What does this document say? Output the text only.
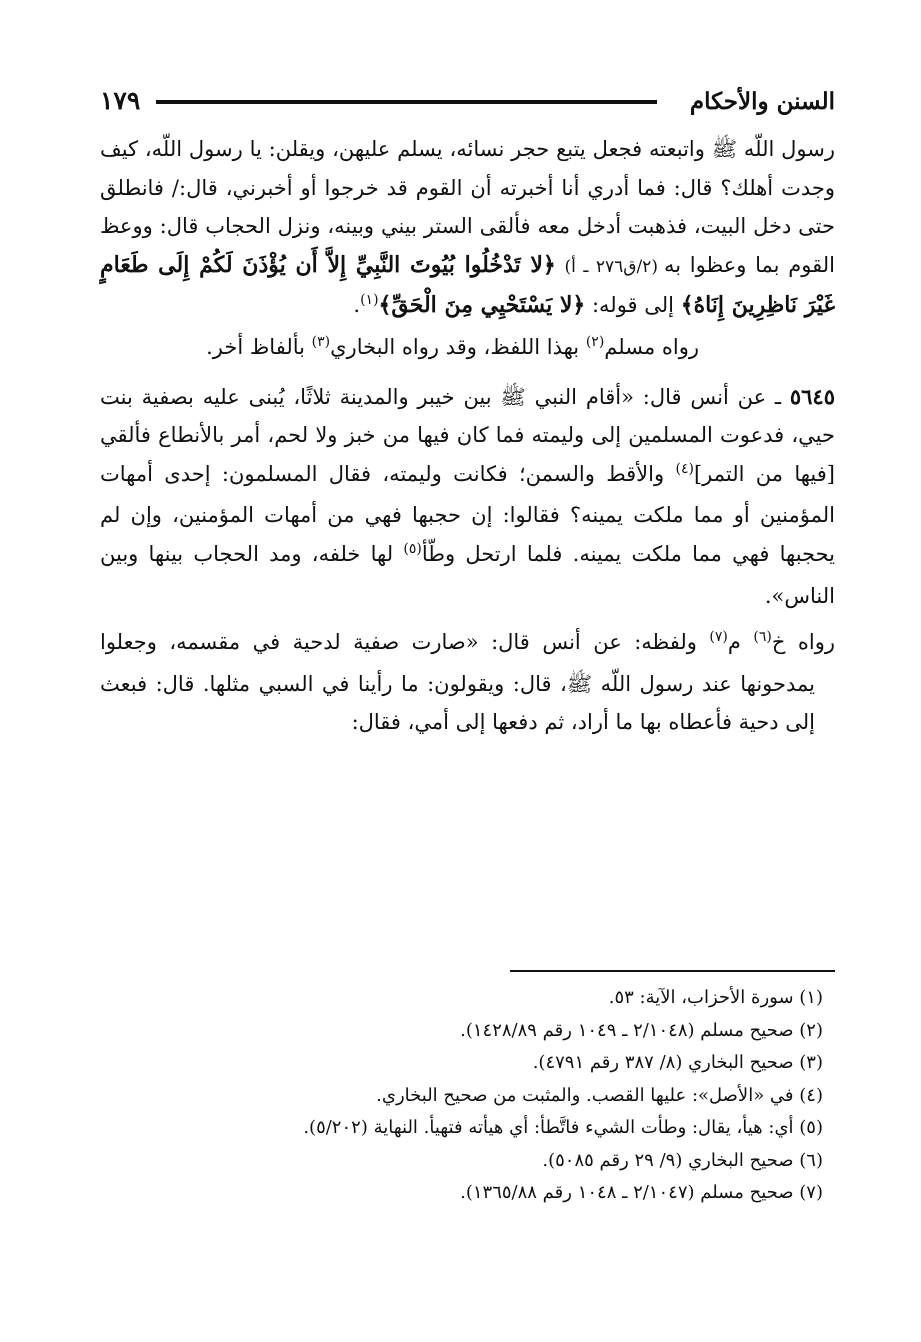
السنن والأحكام
١٧٩

رسول اللّه ﷺ واتبعته فجعل يتبع حجر نسائه، يسلم عليهن، ويقلن: يا رسول اللّه، كيف وجدت أهلك؟ قال: فما أدري أنا أخبرته أن القوم قد خرجوا أو أخبرني، قال:/ فانطلق حتى دخل البيت، فذهبت أدخل معه فألقى الستر بيني وبينه، ونزل الحجاب قال: ووعظ القوم بما وعظوا به(٢/ق٢٧٦ ـ أ) ﴿لا تَدْخُلُوا بُيُوتَ النَّبِيِّ إِلاَّ أَن يُؤْذَنَ لَكُمْ إِلَى طَعَامٍ غَيْرَ نَاظِرِينَ إِنَاهُ﴾ إلى قوله: ﴿لا يَسْتَحْيِي مِنَ الْحَقِّ﴾$^{(١)}$.

رواه مسلم$^{(٢)}$ بهذا اللفظ، وقد رواه البخاري$^{(٣)}$ بألفاظ أخر.

٥٦٤٥ ـ عن أنس قال: «أقام النبي ﷺ بين خيبر والمدينة ثلاثًا، يُبنى عليه بصفية بنت حيي، فدعوت المسلمين إلى وليمته فما كان فيها من خبز ولا لحم، أمر بالأنطاع فألقي [فيها من التمر]$^{(٤)}$ والأقط والسمن؛ فكانت وليمته، فقال المسلمون: إحدى أمهات المؤمنين أو مما ملكت يمينه؟ فقالوا: إن حجبها فهي من أمهات المؤمنين، وإن لم يحجبها فهي مما ملكت يمينه. فلما ارتحل وطّأ$^{(٥)}$ لها خلفه، ومد الحجاب بينها وبين الناس».

رواه خ$^{(٦)}$ م$^{(٧)}$ ولفظه: عن أنس قال: «صارت صفية لدحية في مقسمه، وجعلوا يمدحونها عند رسول اللّه ﷺ، قال: ويقولون: ما رأينا في السبي مثلها. قال: فبعث إلى دحية فأعطاه بها ما أراد، ثم دفعها إلى أمي، فقال:

(١) سورة الأحزاب، الآية: ٥٣.
(٢) صحيح مسلم (٢/١٠٤٨ ـ ١٠٤٩ رقم ١٤٢٨/٨٩).
(٣) صحيح البخاري (٨/ ٣٨٧ رقم ٤٧٩١).
(٤) في «الأصل»: عليها القصب. والمثبت من صحيح البخاري.
(٥) أي: هيأ، يقال: وطأت الشيء فاتَّطأ: أي هيأته فتهيأ. النهاية (٥/٢٠٢).
(٦) صحيح البخاري (٩/ ٢٩ رقم ٥٠٨٥).
(٧) صحيح مسلم (٢/١٠٤٧ ـ ١٠٤٨ رقم ١٣٦٥/٨٨).
